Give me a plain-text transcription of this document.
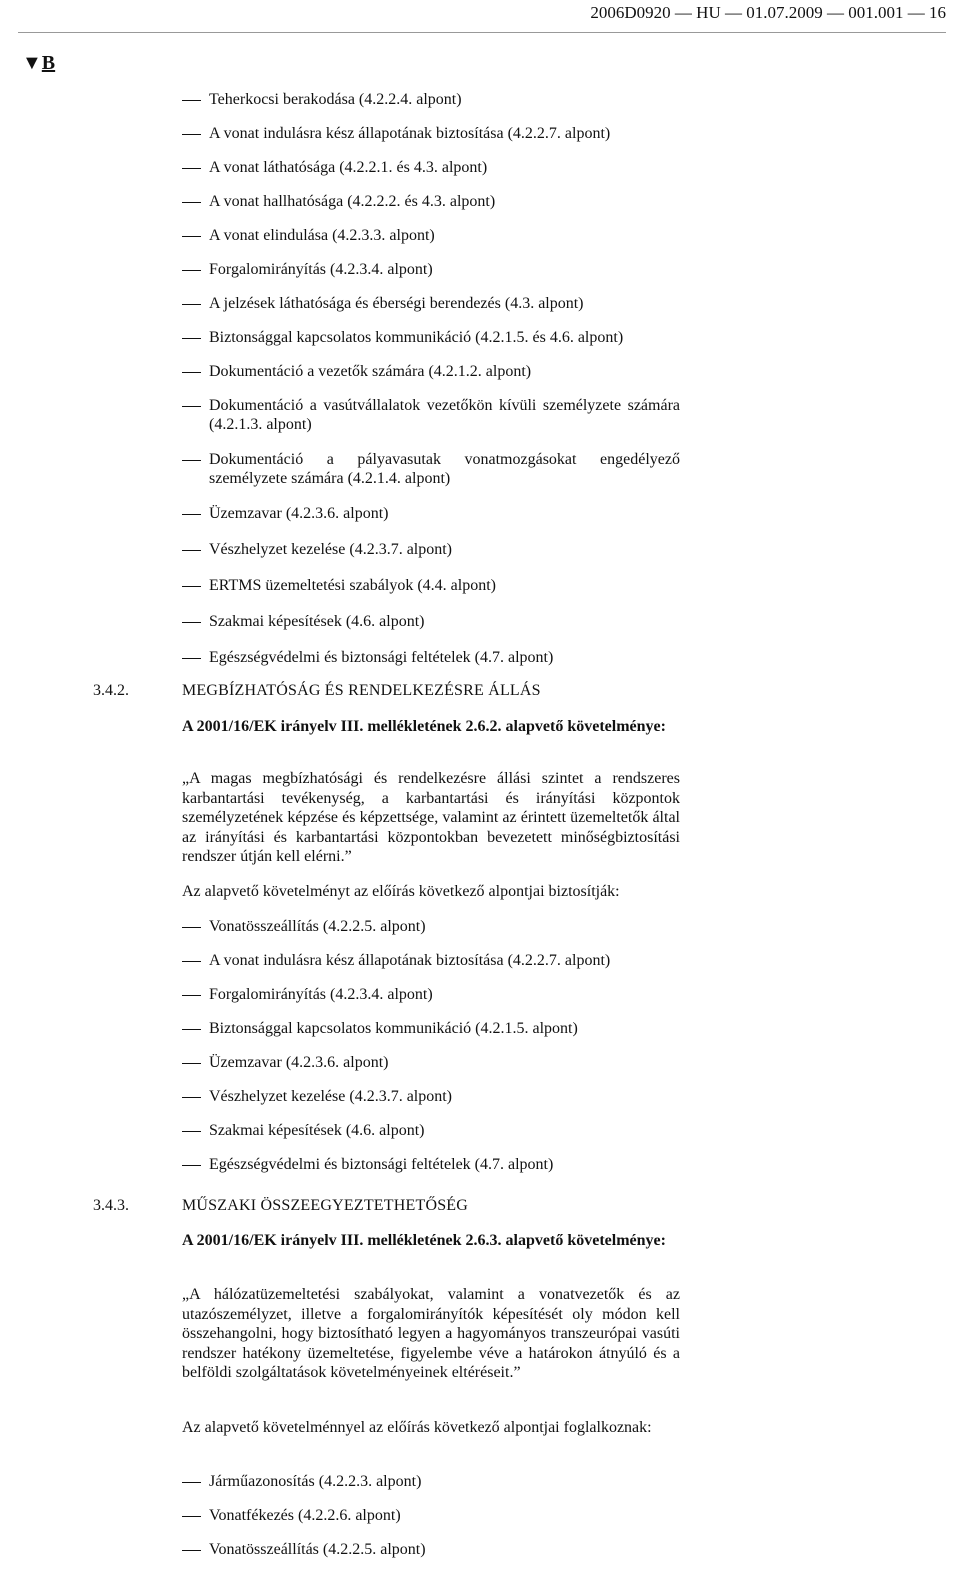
2006D0920 — HU — 01.07.2009 — 001.001 — 16
▼B
Teherkocsi berakodása (4.2.2.4. alpont)
A vonat indulásra kész állapotának biztosítása (4.2.2.7. alpont)
A vonat láthatósága (4.2.2.1. és 4.3. alpont)
A vonat hallhatósága (4.2.2.2. és 4.3. alpont)
A vonat elindulása (4.2.3.3. alpont)
Forgalomirányítás (4.2.3.4. alpont)
A jelzések láthatósága és éberségi berendezés (4.3. alpont)
Biztonsággal kapcsolatos kommunikáció (4.2.1.5. és 4.6. alpont)
Dokumentáció a vezetők számára (4.2.1.2. alpont)
Dokumentáció a vasútvállalatok vezetőkön kívüli személyzete számára (4.2.1.3. alpont)
Dokumentáció a pályavasutak vonatmozgásokat engedélyező személyzete számára (4.2.1.4. alpont)
Üzemzavar (4.2.3.6. alpont)
Vészhelyzet kezelése (4.2.3.7. alpont)
ERTMS üzemeltetési szabályok (4.4. alpont)
Szakmai képesítések (4.6. alpont)
Egészségvédelmi és biztonsági feltételek (4.7. alpont)
3.4.2.	MEGBÍZHATÓSÁG ÉS RENDELKEZÉSRE ÁLLÁS
A 2001/16/EK irányelv III. mellékletének 2.6.2. alapvető követelménye:

„A magas megbízhatósági és rendelkezésre állási szintet a rendszeres karbantartási tevékenység, a karbantartási és irányítási központok személyzetének képzése és képzettsége, valamint az érintett üzemeltetők által az irányítási és karbantartási központokban bevezetett minőségbiztosítási rendszer útján kell elérni.”

Az alapvető követelményt az előírás következő alpontjai biztosítják:

Vonatösszeállítás (4.2.2.5. alpont)
A vonat indulásra kész állapotának biztosítása (4.2.2.7. alpont)
Forgalomirányítás (4.2.3.4. alpont)
Biztonsággal kapcsolatos kommunikáció (4.2.1.5. alpont)
Üzemzavar (4.2.3.6. alpont)
Vészhelyzet kezelése (4.2.3.7. alpont)
Szakmai képesítések (4.6. alpont)
Egészségvédelmi és biztonsági feltételek (4.7. alpont)
3.4.3.	MŰSZAKI ÖSSZEEGYEZTETHETŐSÉG
A 2001/16/EK irányelv III. mellékletének 2.6.3. alapvető követelménye:

„A hálózatüzemeltetési szabályokat, valamint a vonatvezetők és az utazószemélyzet, illetve a forgalomirányítók képesítését oly módon kell összehangolni, hogy biztosítható legyen a hagyományos transzeurópai vasúti rendszer hatékony üzemeltetése, figyelembe véve a határokon átnyúló és a belföldi szolgáltatások követelményeinek eltéréseit.”

Az alapvető követelménnyel az előírás következő alpontjai foglalkoznak:

Járműazonosítás (4.2.2.3. alpont)
Vonatfékezés (4.2.2.6. alpont)
Vonatösszeállítás (4.2.2.5. alpont)
